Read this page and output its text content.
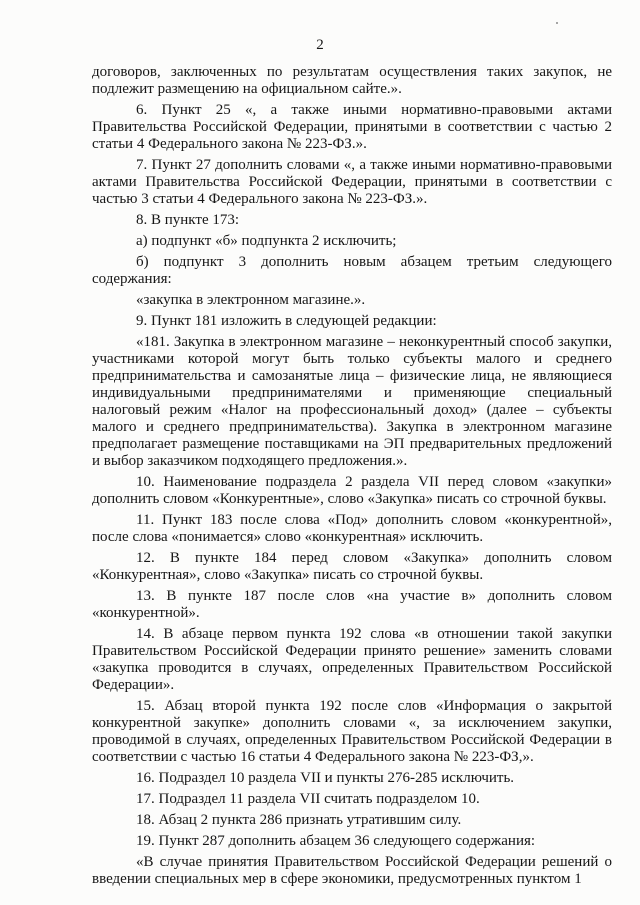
2

договоров, заключенных по результатам осуществления таких закупок, не подлежит размещению на официальном сайте.».

6. Пункт 25 «, а также иными нормативно-правовыми актами Правительства Российской Федерации, принятыми в соответствии с частью 2 статьи 4 Федерального закона № 223-ФЗ.».

7. Пункт 27 дополнить словами «, а также иными нормативно-правовыми актами Правительства Российской Федерации, принятыми в соответствии с частью 3 статьи 4 Федерального закона № 223-ФЗ.».

8. В пункте 173:

а) подпункт «б» подпункта 2 исключить;

б) подпункт 3 дополнить новым абзацем третьим следующего содержания:

«закупка в электронном магазине.».

9. Пункт 181 изложить в следующей редакции:

«181. Закупка в электронном магазине – неконкурентный способ закупки, участниками которой могут быть только субъекты малого и среднего предпринимательства и самозанятые лица – физические лица, не являющиеся индивидуальными предпринимателями и применяющие специальный налоговый режим «Налог на профессиональный доход» (далее – субъекты малого и среднего предпринимательства). Закупка в электронном магазине предполагает размещение поставщиками на ЭП предварительных предложений и выбор заказчиком подходящего предложения.».

10. Наименование подраздела 2 раздела VII перед словом «закупки» дополнить словом «Конкурентные», слово «Закупка» писать со строчной буквы.

11. Пункт 183 после слова «Под» дополнить словом «конкурентной», после слова «понимается» слово «конкурентная» исключить.

12. В пункте 184 перед словом «Закупка» дополнить словом «Конкурентная», слово «Закупка» писать со строчной буквы.

13. В пункте 187 после слов «на участие в» дополнить словом «конкурентной».

14. В абзаце первом пункта 192 слова «в отношении такой закупки Правительством Российской Федерации принято решение» заменить словами «закупка проводится в случаях, определенных Правительством Российской Федерации».

15. Абзац второй пункта 192 после слов «Информация о закрытой конкурентной закупке» дополнить словами «, за исключением закупки, проводимой в случаях, определенных Правительством Российской Федерации в соответствии с частью 16 статьи 4 Федерального закона № 223-ФЗ,».

16. Подраздел 10 раздела VII и пункты 276-285 исключить.

17. Подраздел 11 раздела VII считать подразделом 10.

18. Абзац 2 пункта 286 признать утратившим силу.

19. Пункт 287 дополнить абзацем 36 следующего содержания:

«В случае принятия Правительством Российской Федерации решений о введении специальных мер в сфере экономики, предусмотренных пунктом 1
